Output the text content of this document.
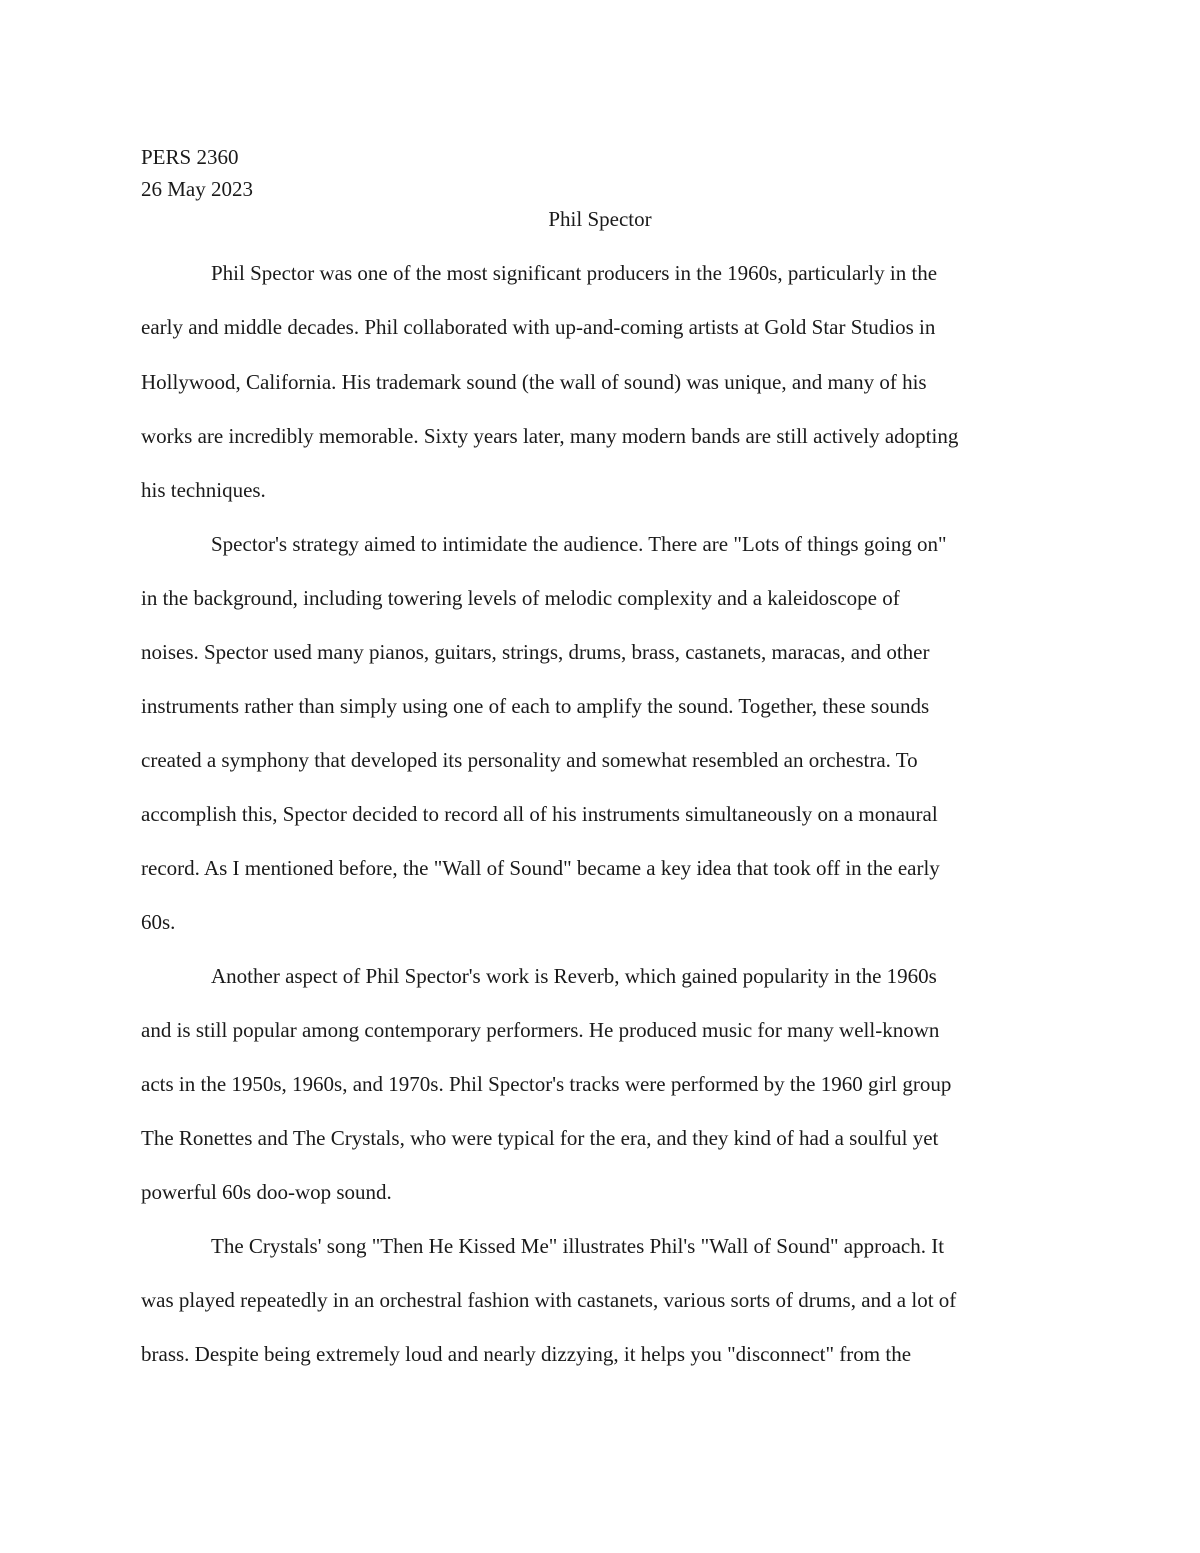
PERS 2360
26 May 2023
Phil Spector
Phil Spector was one of the most significant producers in the 1960s, particularly in the
early and middle decades. Phil collaborated with up-and-coming artists at Gold Star Studios in
Hollywood, California. His trademark sound (the wall of sound) was unique, and many of his
works are incredibly memorable. Sixty years later, many modern bands are still actively adopting
his techniques.
Spector's strategy aimed to intimidate the audience. There are "Lots of things going on"
in the background, including towering levels of melodic complexity and a kaleidoscope of
noises. Spector used many pianos, guitars, strings, drums, brass, castanets, maracas, and other
instruments rather than simply using one of each to amplify the sound. Together, these sounds
created a symphony that developed its personality and somewhat resembled an orchestra. To
accomplish this, Spector decided to record all of his instruments simultaneously on a monaural
record. As I mentioned before, the "Wall of Sound" became a key idea that took off in the early
60s.
Another aspect of Phil Spector's work is Reverb, which gained popularity in the 1960s
and is still popular among contemporary performers. He produced music for many well-known
acts in the 1950s, 1960s, and 1970s. Phil Spector's tracks were performed by the 1960 girl group
The Ronettes and The Crystals, who were typical for the era, and they kind of had a soulful yet
powerful 60s doo-wop sound.
The Crystals' song "Then He Kissed Me" illustrates Phil's "Wall of Sound" approach. It
was played repeatedly in an orchestral fashion with castanets, various sorts of drums, and a lot of
brass. Despite being extremely loud and nearly dizzying, it helps you "disconnect" from the
